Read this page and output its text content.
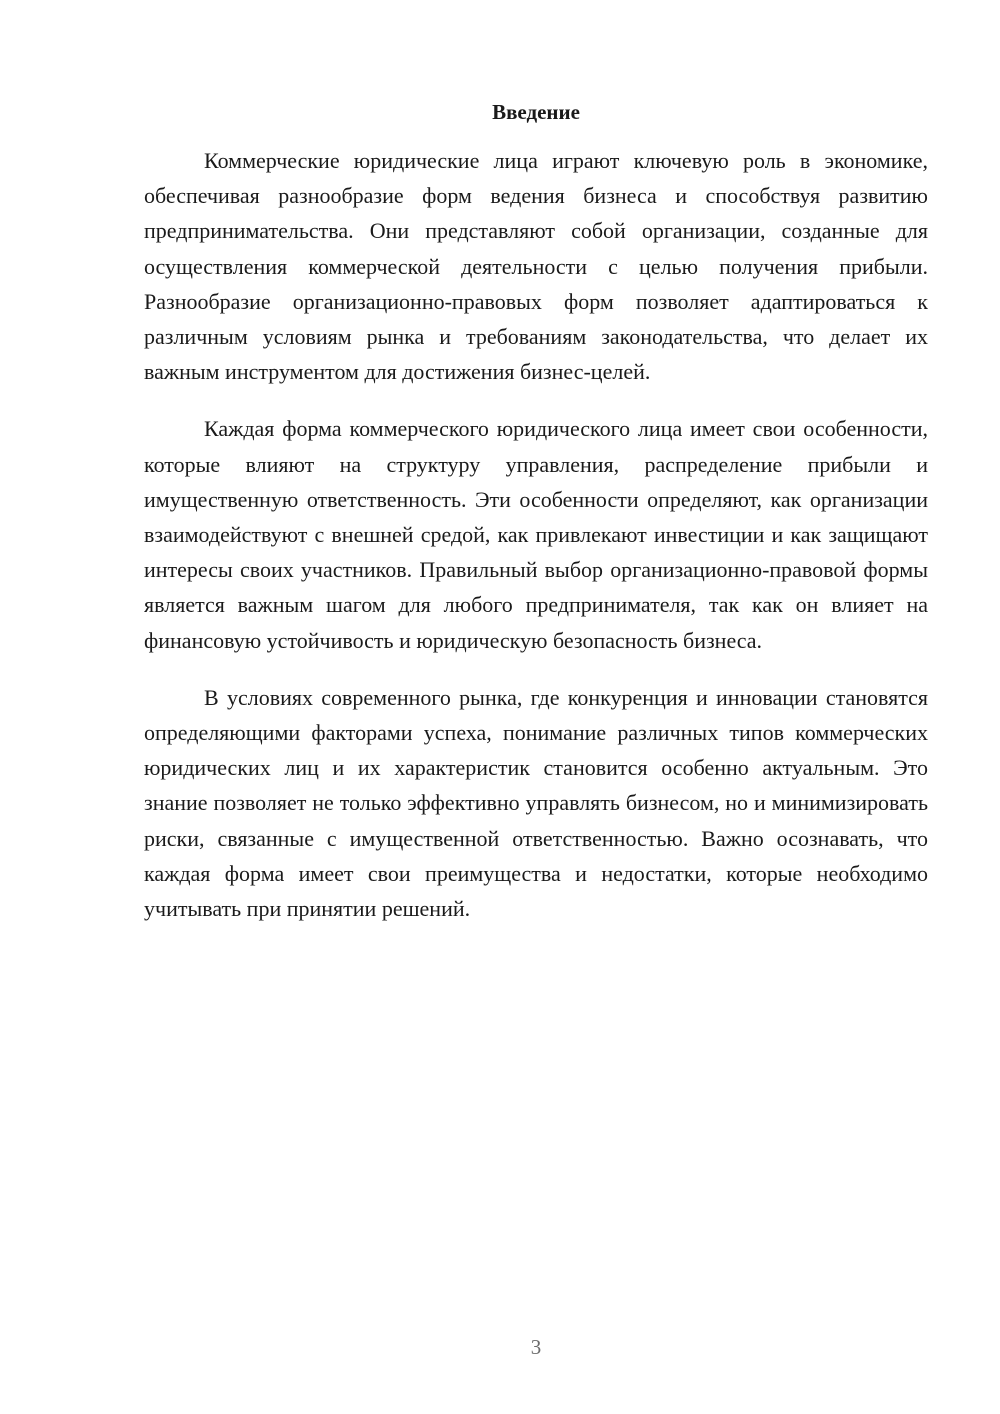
Введение

Коммерческие юридические лица играют ключевую роль в экономике, обеспечивая разнообразие форм ведения бизнеса и способствуя развитию предпринимательства. Они представляют собой организации, созданные для осуществления коммерческой деятельности с целью получения прибыли. Разнообразие организационно-правовых форм позволяет адаптироваться к различным условиям рынка и требованиям законодательства, что делает их важным инструментом для достижения бизнес-целей.

Каждая форма коммерческого юридического лица имеет свои особенности, которые влияют на структуру управления, распределение прибыли и имущественную ответственность. Эти особенности определяют, как организации взаимодействуют с внешней средой, как привлекают инвестиции и как защищают интересы своих участников. Правильный выбор организационно-правовой формы является важным шагом для любого предпринимателя, так как он влияет на финансовую устойчивость и юридическую безопасность бизнеса.

В условиях современного рынка, где конкуренция и инновации становятся определяющими факторами успеха, понимание различных типов коммерческих юридических лиц и их характеристик становится особенно актуальным. Это знание позволяет не только эффективно управлять бизнесом, но и минимизировать риски, связанные с имущественной ответственностью. Важно осознавать, что каждая форма имеет свои преимущества и недостатки, которые необходимо учитывать при принятии решений.

3
